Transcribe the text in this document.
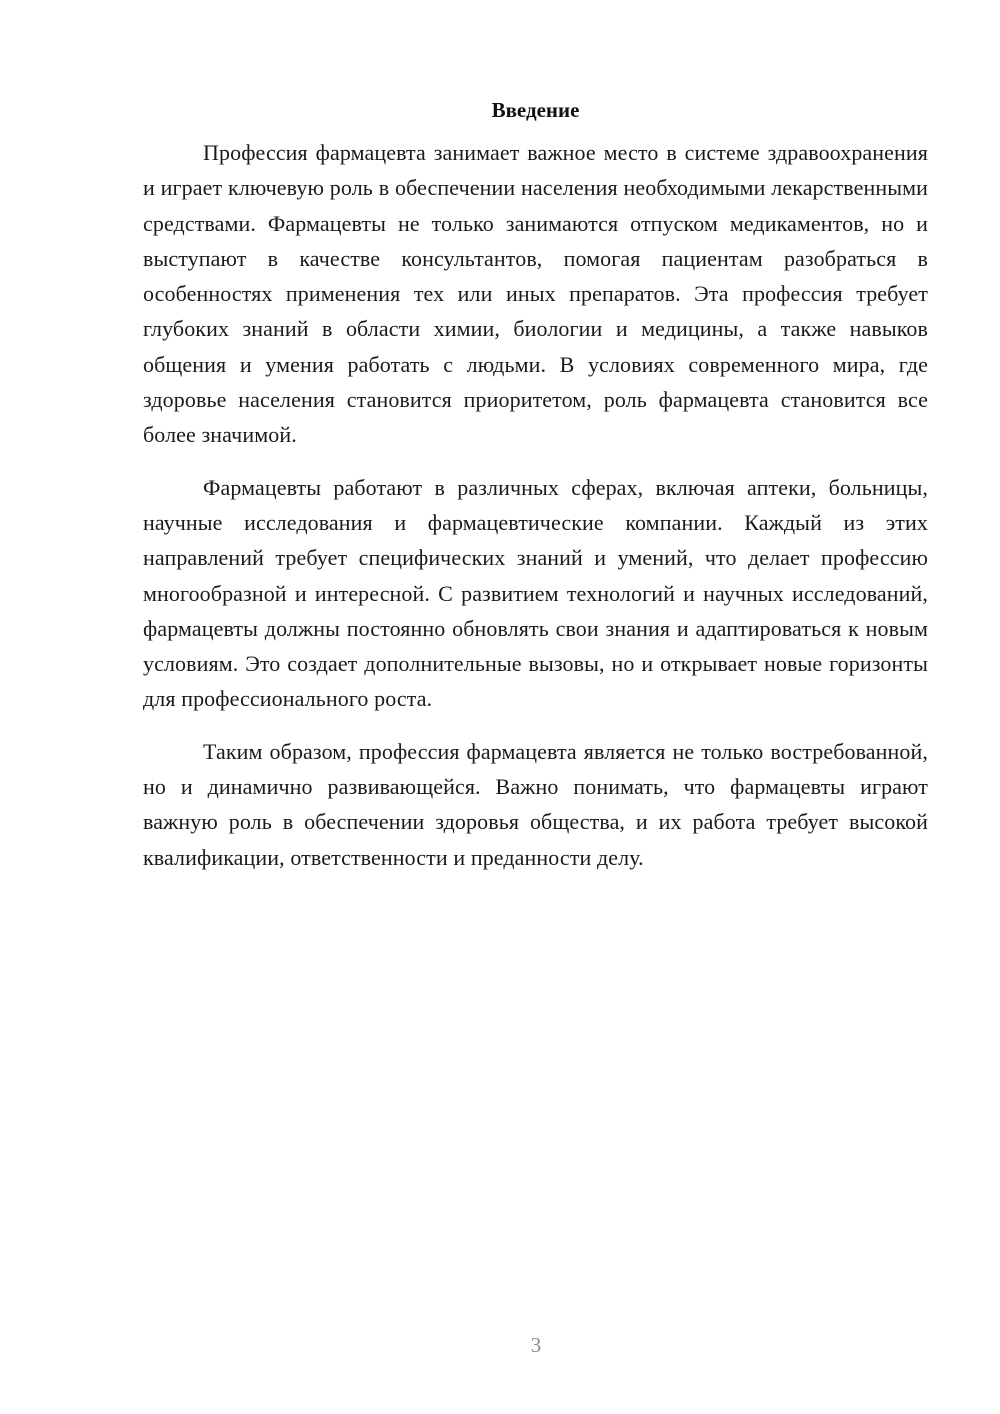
Введение

Профессия фармацевта занимает важное место в системе здравоохранения и играет ключевую роль в обеспечении населения необходимыми лекарственными средствами. Фармацевты не только занимаются отпуском медикаментов, но и выступают в качестве консультантов, помогая пациентам разобраться в особенностях применения тех или иных препаратов. Эта профессия требует глубоких знаний в области химии, биологии и медицины, а также навыков общения и умения работать с людьми. В условиях современного мира, где здоровье населения становится приоритетом, роль фармацевта становится все более значимой.

Фармацевты работают в различных сферах, включая аптеки, больницы, научные исследования и фармацевтические компании. Каждый из этих направлений требует специфических знаний и умений, что делает профессию многообразной и интересной. С развитием технологий и научных исследований, фармацевты должны постоянно обновлять свои знания и адаптироваться к новым условиям. Это создает дополнительные вызовы, но и открывает новые горизонты для профессионального роста.

Таким образом, профессия фармацевта является не только востребованной, но и динамично развивающейся. Важно понимать, что фармацевты играют важную роль в обеспечении здоровья общества, и их работа требует высокой квалификации, ответственности и преданности делу.

3
